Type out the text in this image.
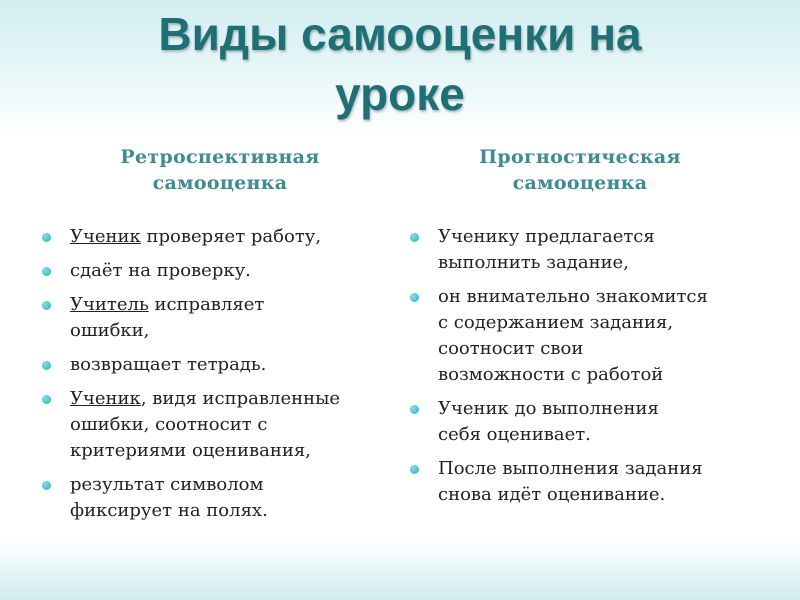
Виды самооценки на
уроке
Ретроспективная
самооценка
Прогностическая
самооценка
Ученик проверяет работу,
сдаёт на проверку.
Учитель исправляет
ошибки,
возвращает тетрадь.
Ученик, видя исправленные
ошибки, соотносит с
критериями оценивания,
результат символом
фиксирует на полях.
Ученику предлагается
выполнить задание,
он внимательно знакомится
с содержанием задания,
соотносит свои
возможности с работой
Ученик до выполнения
себя оценивает.
После выполнения задания
снова идёт оценивание.
